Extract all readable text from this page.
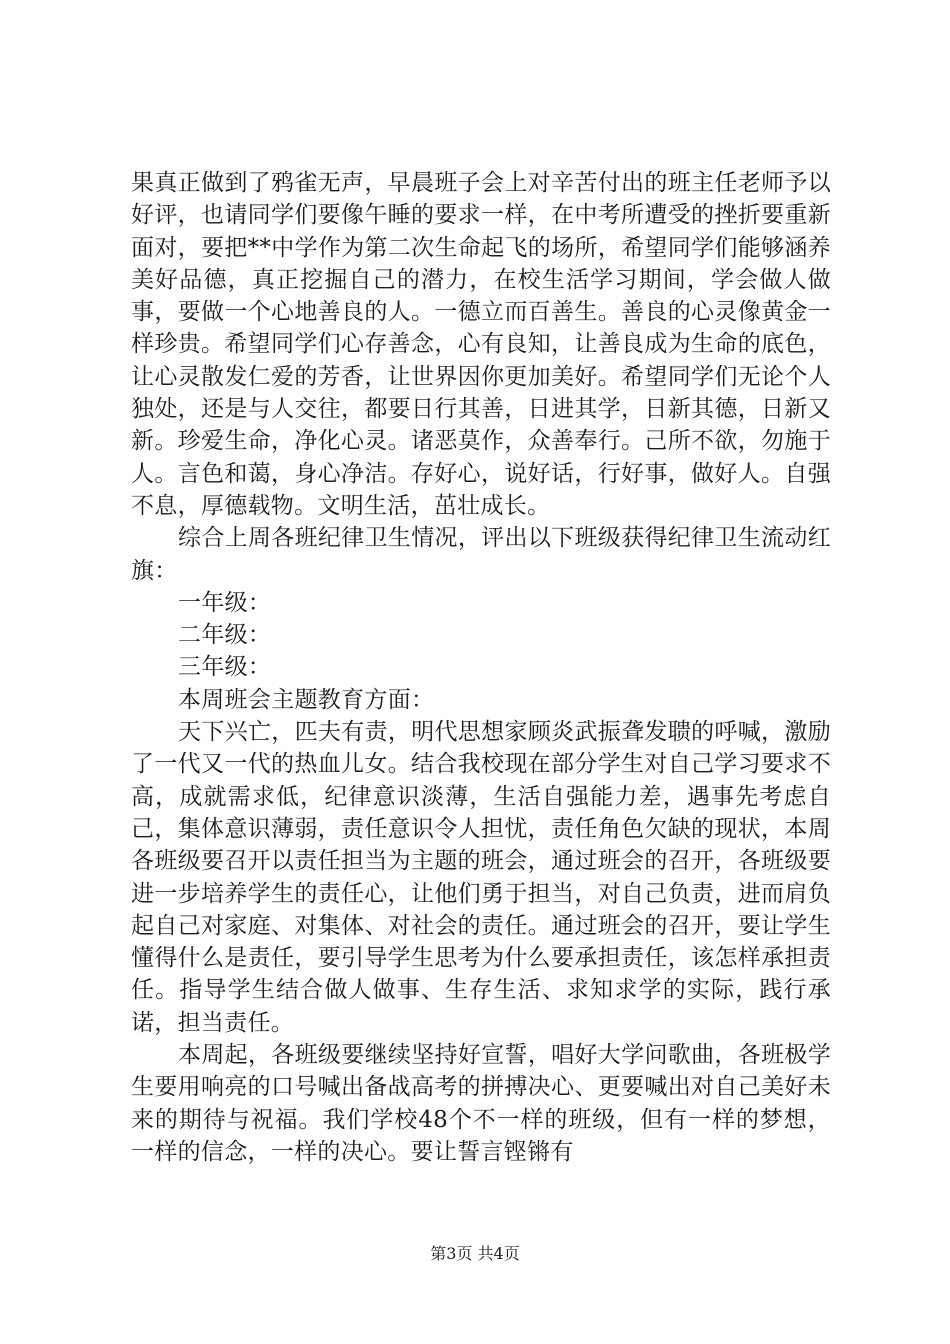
果真正做到了鸦雀无声，早晨班子会上对辛苦付出的班主任老师予以好评，也请同学们要像午睡的要求一样，在中考所遭受的挫折要重新面对，要把**中学作为第二次生命起飞的场所，希望同学们能够涵养美好品德，真正挖掘自己的潜力，在校生活学习期间，学会做人做事，要做一个心地善良的人。一德立而百善生。善良的心灵像黄金一样珍贵。希望同学们心存善念，心有良知，让善良成为生命的底色，让心灵散发仁爱的芳香，让世界因你更加美好。希望同学们无论个人独处，还是与人交往，都要日行其善，日进其学，日新其德，日新又新。珍爱生命，净化心灵。诸恶莫作，众善奉行。己所不欲，勿施于人。言色和蔼，身心净洁。存好心，说好话，行好事，做好人。自强不息，厚德载物。文明生活，茁壮成长。

综合上周各班纪律卫生情况，评出以下班级获得纪律卫生流动红旗：

一年级：

二年级：

三年级：

本周班会主题教育方面：

天下兴亡，匹夫有责，明代思想家顾炎武振聋发聩的呼喊，激励了一代又一代的热血儿女。结合我校现在部分学生对自己学习要求不高，成就需求低，纪律意识淡薄，生活自强能力差，遇事先考虑自己，集体意识薄弱，责任意识令人担忧，责任角色欠缺的现状，本周各班级要召开以责任担当为主题的班会，通过班会的召开，各班级要进一步培养学生的责任心，让他们勇于担当，对自己负责，进而肩负起自己对家庭、对集体、对社会的责任。通过班会的召开，要让学生懂得什么是责任，要引导学生思考为什么要承担责任，该怎样承担责任。指导学生结合做人做事、生存生活、求知求学的实际，践行承诺，担当责任。

本周起，各班级要继续坚持好宣誓，唱好大学问歌曲，各班极学生要用响亮的口号喊出备战高考的拼搏决心、更要喊出对自己美好未来的期待与祝福。我们学校48个不一样的班级，但有一样的梦想，一样的信念，一样的决心。要让誓言铿锵有

第3页 共4页
